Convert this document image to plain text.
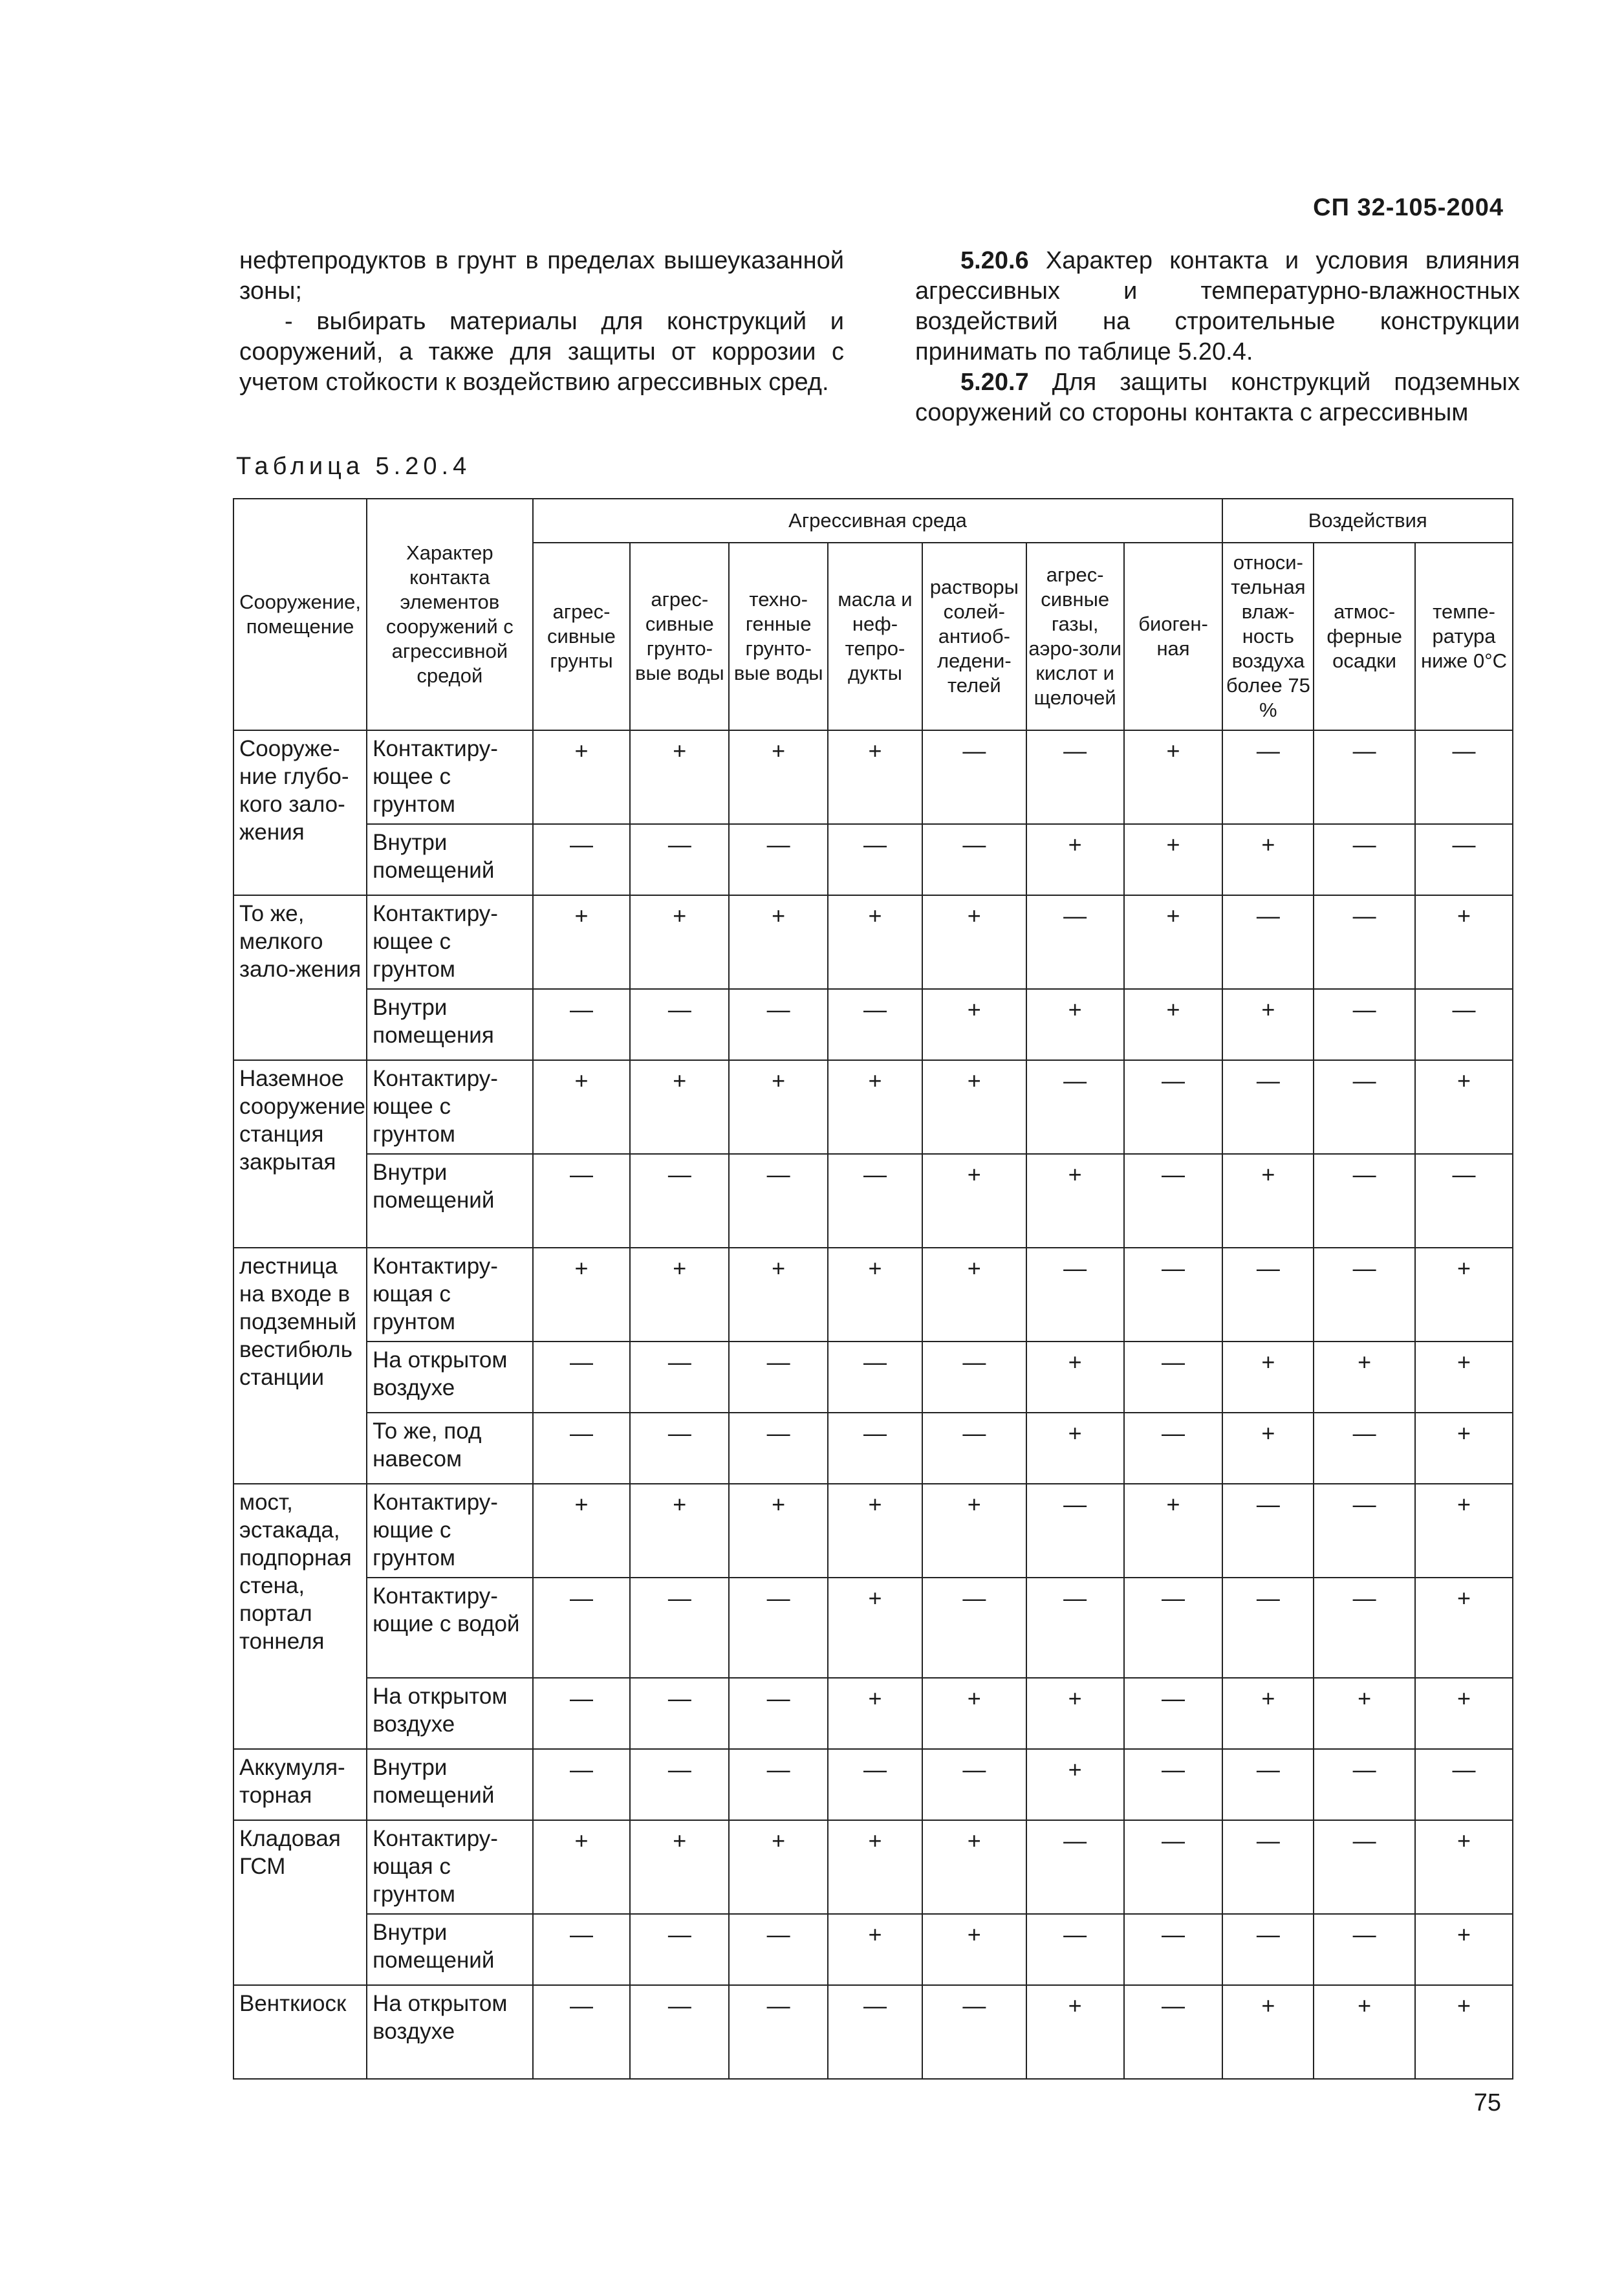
СП 32-105-2004

нефтепродуктов в грунт в пределах вышеуказанной зоны;

- выбирать материалы для конструкций и сооружений, а также для защиты от коррозии с учетом стойкости к воздействию агрессивных сред.

5.20.6 Характер контакта и условия влияния агрессивных и температурно-влажностных воздействий на строительные конструкции принимать по таблице 5.20.4.

5.20.7 Для защиты конструкций подземных сооружений со стороны контакта с агрессивным

Таблица 5.20.4
Сооружение, помещение	Характер контакта элементов сооружений с агрессивной средой	Агрессивная среда							Воздействия		
		агрес-сивные грунты	агрес-сивные грунто-вые воды	техно-генные грунто-вые воды	масла и неф-тепро-дукты	растворы солей-антиоб-ледени-телей	агрес-сивные газы, аэро-золи кислот и щелочей	биоген-ная	относи-тельная влаж-ность воздуха более 75 %	атмос-ферные осадки	темпе-ратура ниже 0°С
Сооруже-ние глубо-кого зало-жения	Контактиру-ющее с грунтом	+	+	+	+	—	—	+	—	—	—
	Внутри помещений	—	—	—	—	—	+	+	+	—	—
То же, мелкого зало-жения	Контактиру-ющее с грунтом	+	+	+	+	+	—	+	—	—	+
	Внутри помещения	—	—	—	—	+	+	+	+	—	—
Наземное сооружение станция закрытая	Контактиру-ющее с грунтом	+	+	+	+	+	—	—	—	—	+
	Внутри помещений	—	—	—	—	+	+	—	+	—	—
лестница на входе в подземный вестибюль станции	Контактиру-ющая с грунтом	+	+	+	+	+	—	—	—	—	+
	На открытом воздухе	—	—	—	—	—	+	—	+	+	+
	То же, под навесом	—	—	—	—	—	+	—	+	—	+
мост, эстакада, подпорная стена, портал тоннеля	Контактиру-ющие с грунтом	+	+	+	+	+	—	+	—	—	+
	Контактиру-ющие с водой	—	—	—	+	—	—	—	—	—	+
	На открытом воздухе	—	—	—	+	+	+	—	+	+	+
Аккумуля-торная	Внутри помещений	—	—	—	—	—	+	—	—	—	—
Кладовая ГСМ	Контактиру-ющая с грунтом	+	+	+	+	+	—	—	—	—	+
	Внутри помещений	—	—	—	+	+	—	—	—	—	+
Венткиоск	На открытом воздухе	—	—	—	—	—	+	—	+	+	+
75
